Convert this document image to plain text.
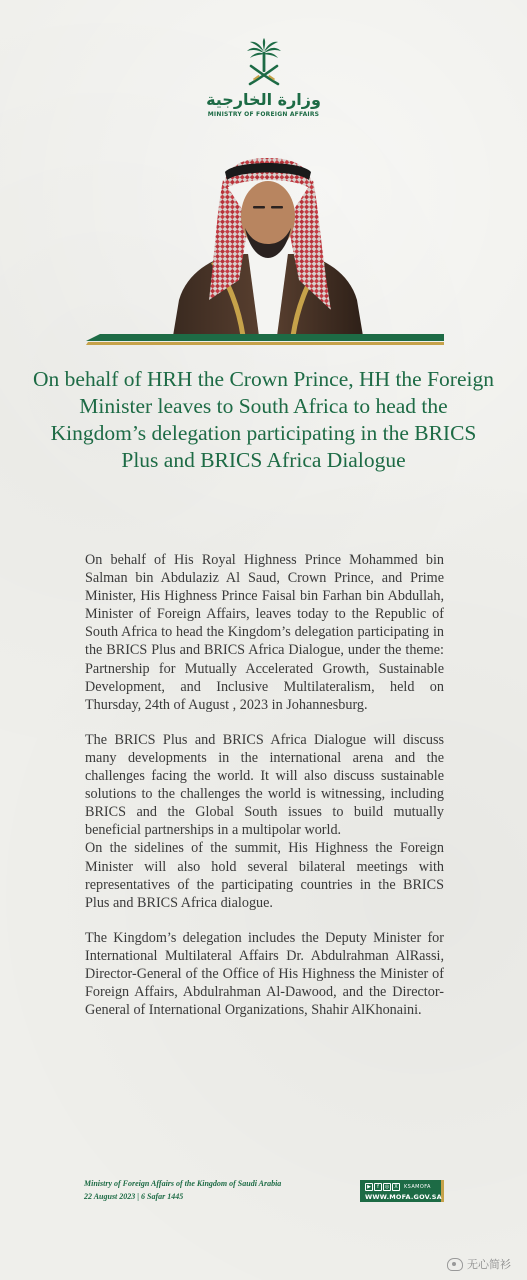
وزارة الخارجية
MINISTRY OF FOREIGN AFFAIRS
On behalf of HRH the Crown Prince, HH the Foreign Minister leaves to South Africa to head the Kingdom’s delegation participating in the BRICS Plus and BRICS Africa Dialogue

On behalf of His Royal Highness Prince Mohammed bin Salman bin Abdulaziz Al Saud, Crown Prince, and Prime Minister, His Highness Prince Faisal bin Farhan bin Abdullah, Minister of Foreign Affairs, leaves today to the Republic of South Africa to head the Kingdom’s delegation participating in the BRICS Plus and BRICS Africa Dialogue, under the theme: Partnership for Mutually Accelerated Growth, Sustainable Development, and Inclusive Multilateralism, held on Thursday, 24th of August , 2023 in Johannesburg.

The BRICS Plus and BRICS Africa Dialogue will discuss many developments in the international arena and the challenges facing the world. It will also discuss sustainable solutions to the challenges the world is witnessing, including BRICS and the Global South issues to build mutually beneficial partnerships in a multipolar world.

On the sidelines of the summit, His Highness the Foreign Minister will also hold several bilateral meetings with representatives of the participating countries in the BRICS Plus and BRICS Africa dialogue.

The Kingdom’s delegation includes the Deputy Minister for International Multilateral Affairs Dr. Abdulrahman AlRassi, Director-General of the Office of His Highness the Minister of Foreign Affairs, Abdulrahman Al-Dawood, and the Director-General of International Organizations, Shahir AlKhonaini.

Ministry of Foreign Affairs of the Kingdom of Saudi Arabia
22 August 2023 | 6 Safar 1445
▶	f	◎	X	KSAMOFA
WWW.MOFA.GOV.SA
无心简衫
